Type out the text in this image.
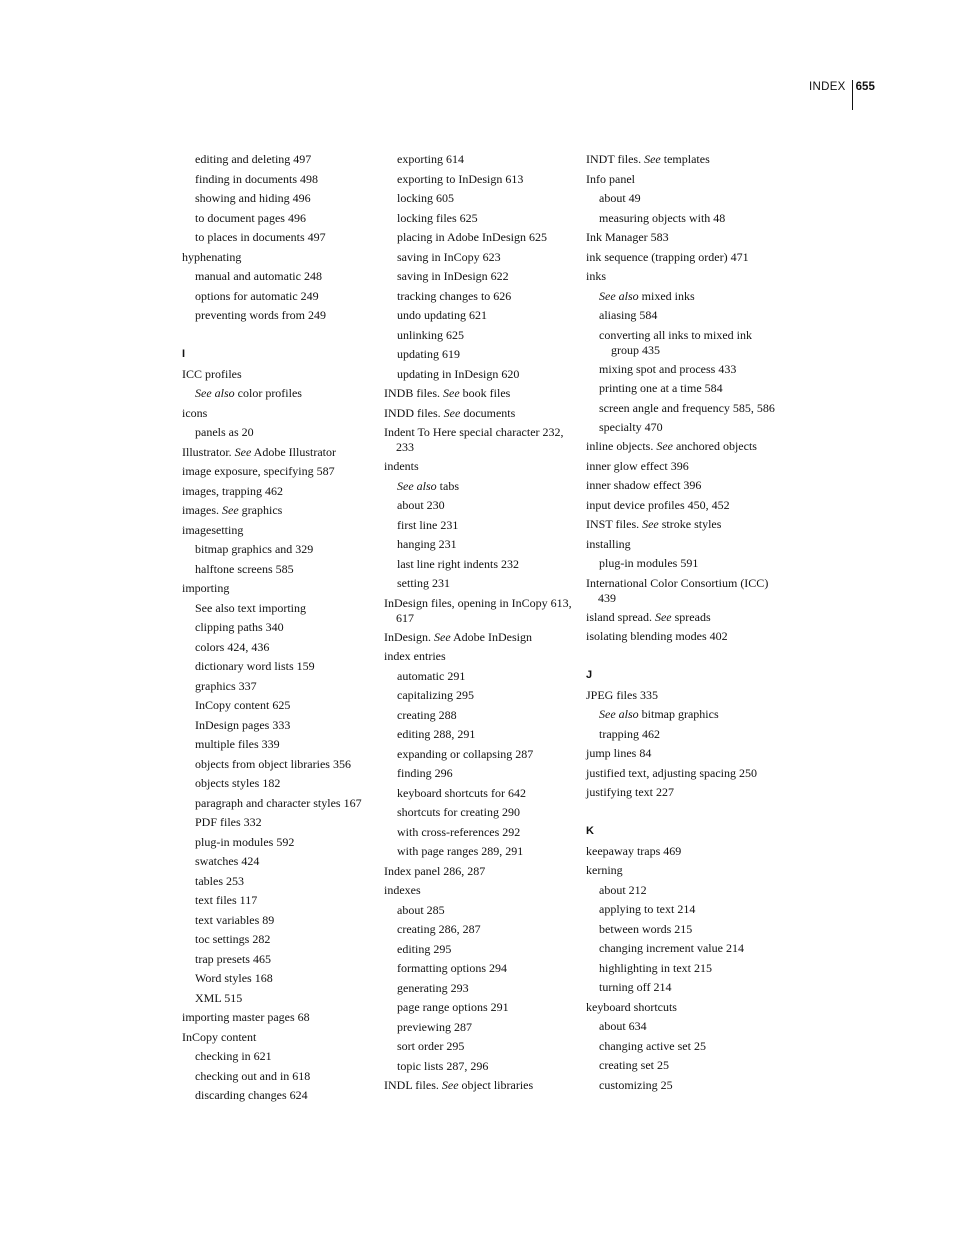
INDEX 655
editing and deleting 497
finding in documents 498
showing and hiding 496
to document pages 496
to places in documents 497
hyphenating
manual and automatic 248
options for automatic 249
preventing words from 249
I
ICC profiles
See also color profiles
icons
panels as 20
Illustrator. See Adobe Illustrator
image exposure, specifying 587
images, trapping 462
images. See graphics
imagesetting
bitmap graphics and 329
halftone screens 585
importing
See also text importing
clipping paths 340
colors 424, 436
dictionary word lists 159
graphics 337
InCopy content 625
InDesign pages 333
multiple files 339
objects from object libraries 356
objects styles 182
paragraph and character styles 167
PDF files 332
plug-in modules 592
swatches 424
tables 253
text files 117
text variables 89
toc settings 282
trap presets 465
Word styles 168
XML 515
importing master pages 68
InCopy content
checking in 621
checking out and in 618
discarding changes 624
exporting 614
exporting to InDesign 613
locking 605
locking files 625
placing in Adobe InDesign 625
saving in InCopy 623
saving in InDesign 622
tracking changes to 626
undo updating 621
unlinking 625
updating 619
updating in InDesign 620
INDB files. See book files
INDD files. See documents
Indent To Here special character 232, 233
indents
See also tabs
about 230
first line 231
hanging 231
last line right indents 232
setting 231
InDesign files, opening in InCopy 613, 617
InDesign. See Adobe InDesign
index entries
automatic 291
capitalizing 295
creating 288
editing 288, 291
expanding or collapsing 287
finding 296
keyboard shortcuts for 642
shortcuts for creating 290
with cross-references 292
with page ranges 289, 291
Index panel 286, 287
indexes
about 285
creating 286, 287
editing 295
formatting options 294
generating 293
page range options 291
previewing 287
sort order 295
topic lists 287, 296
INDL files. See object libraries
INDT files. See templates
Info panel
about 49
measuring objects with 48
Ink Manager 583
ink sequence (trapping order) 471
inks
See also mixed inks
aliasing 584
converting all inks to mixed ink group 435
mixing spot and process 433
printing one at a time 584
screen angle and frequency 585, 586
specialty 470
inline objects. See anchored objects
inner glow effect 396
inner shadow effect 396
input device profiles 450, 452
INST files. See stroke styles
installing
plug-in modules 591
International Color Consortium (ICC) 439
island spread. See spreads
isolating blending modes 402
J
JPEG files 335
See also bitmap graphics
trapping 462
jump lines 84
justified text, adjusting spacing 250
justifying text 227
K
keepaway traps 469
kerning
about 212
applying to text 214
between words 215
changing increment value 214
highlighting in text 215
turning off 214
keyboard shortcuts
about 634
changing active set 25
creating set 25
customizing 25
